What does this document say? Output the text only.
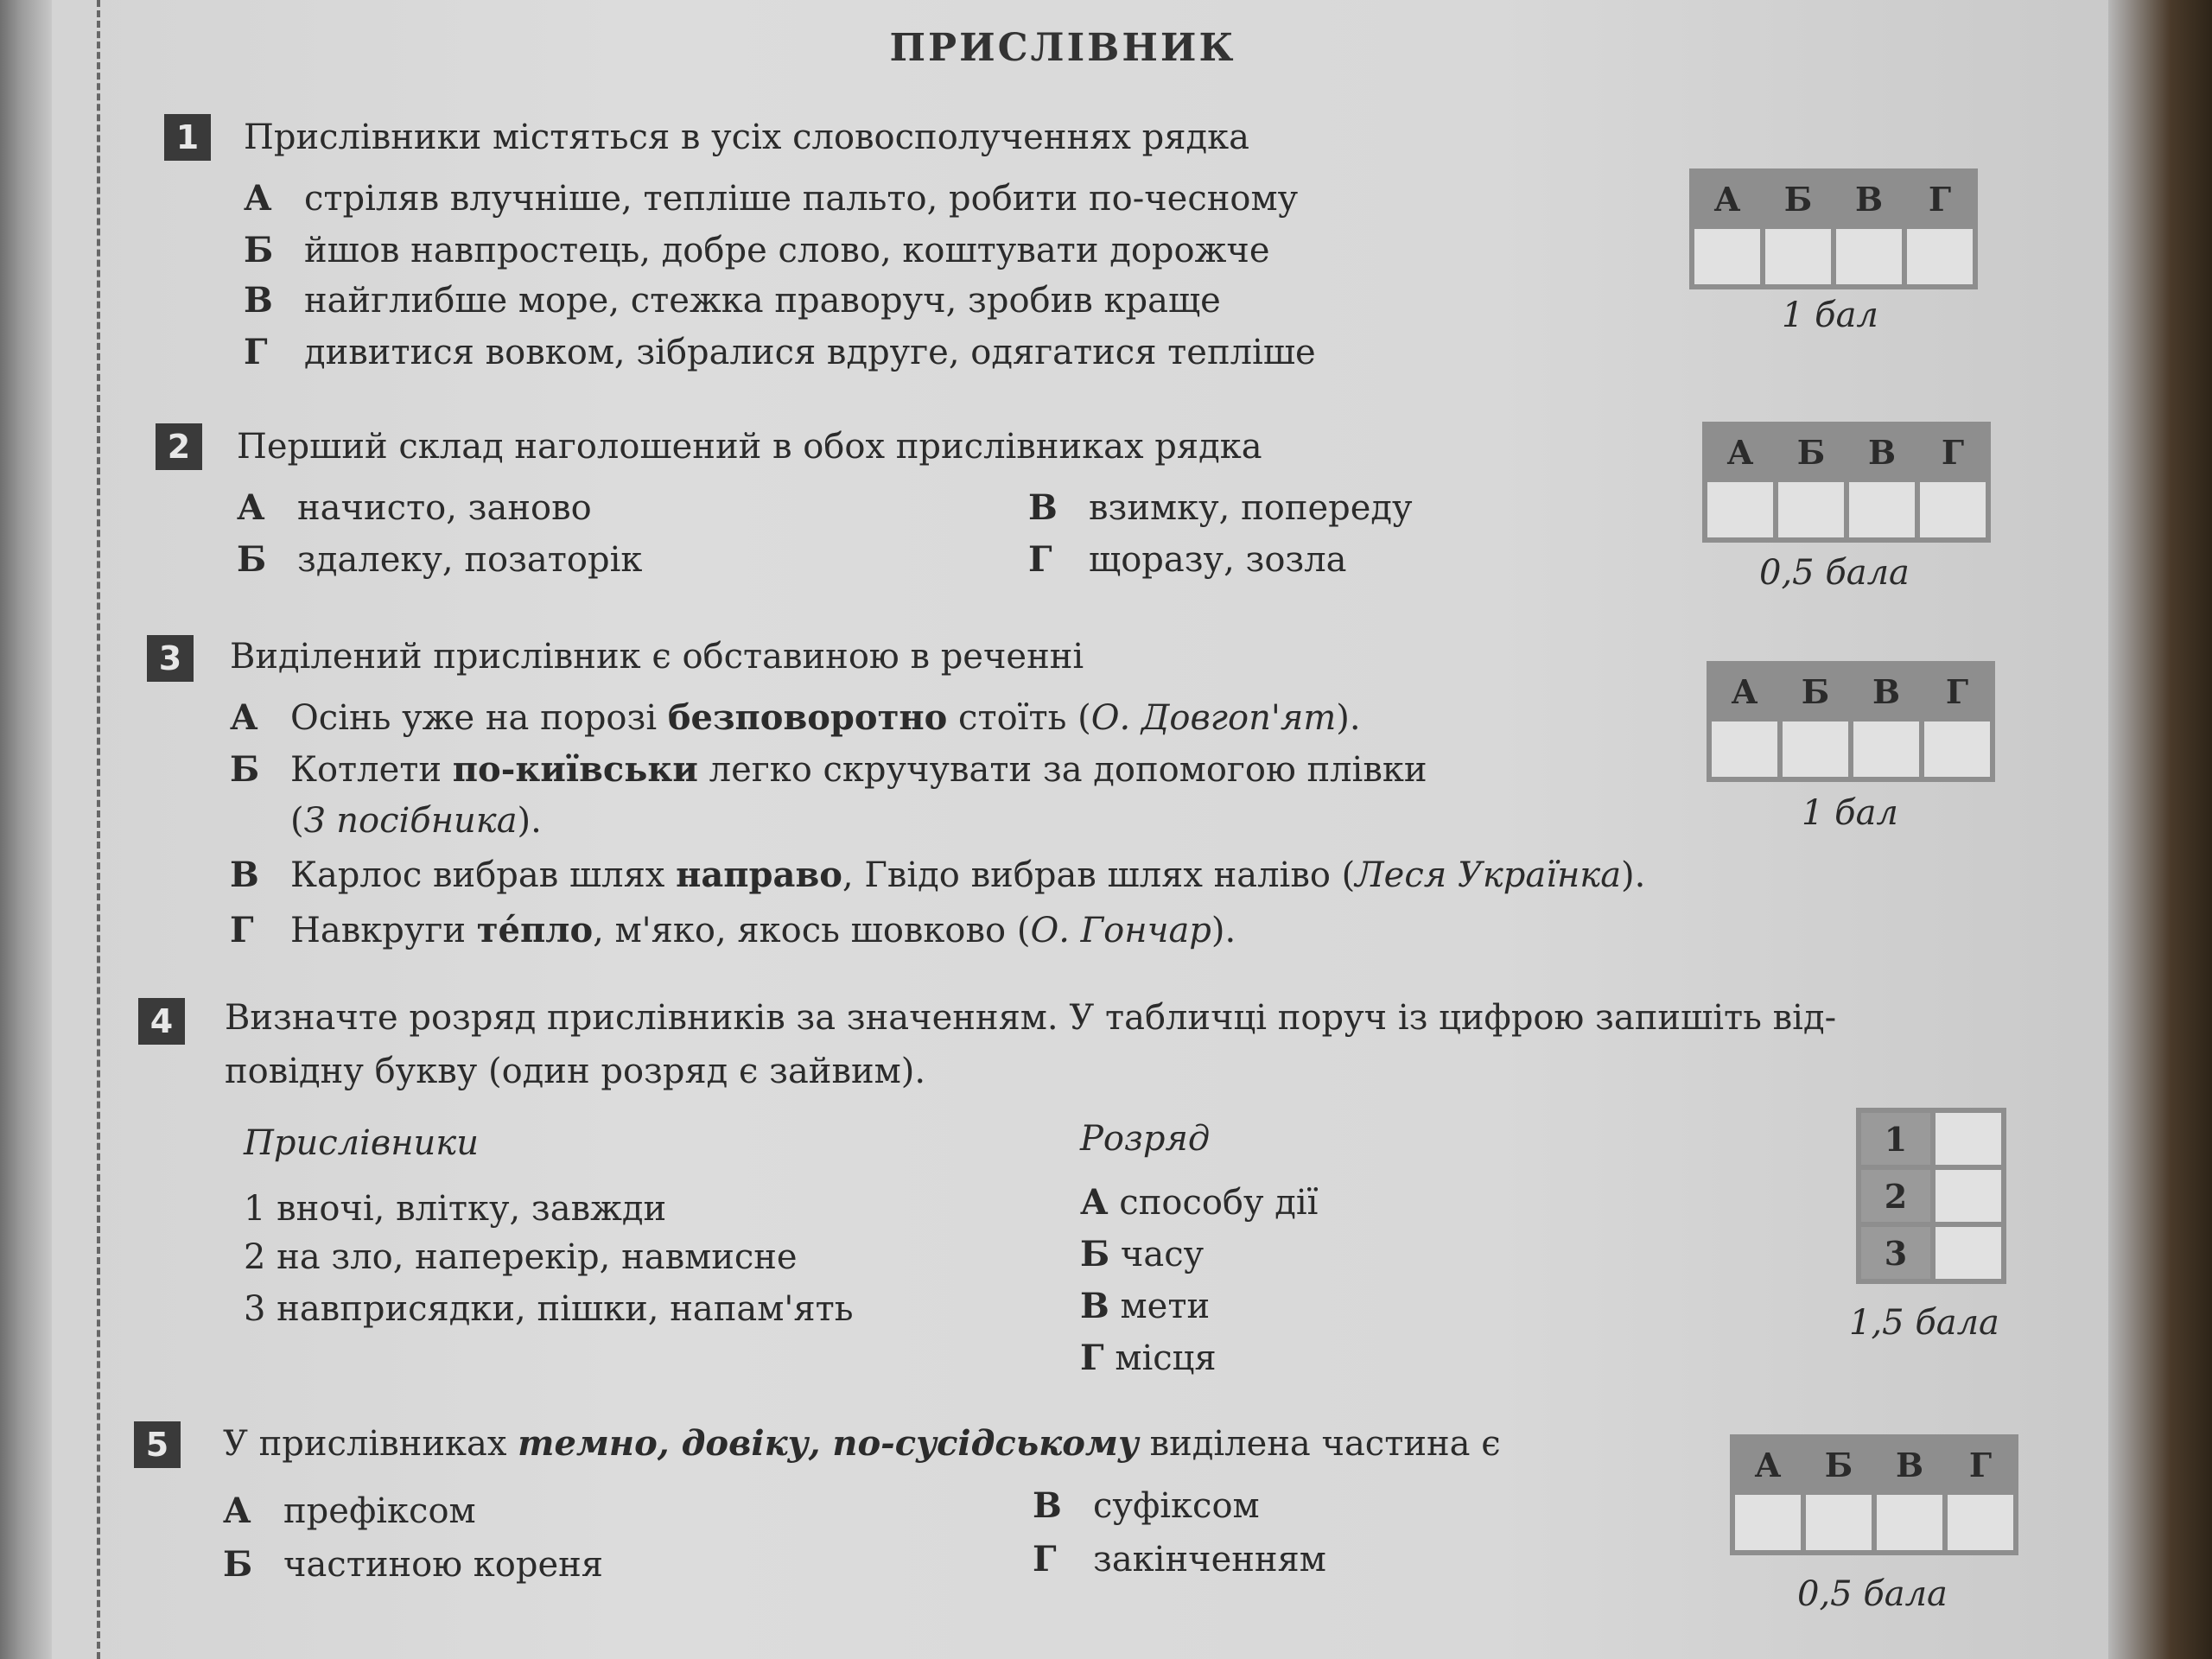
ПРИСЛІВНИК
1	Прислівники містяться в усіх словосполученнях рядка
А стріляв влучніше, тепліше пальто, робити по-чесному
Б йшов навпростець, добре слово, коштувати дорожче
В найглибше море, стежка праворуч, зробив краще
Г дивитися вовком, зібралися вдруге, одягатися тепліше
А	Б	В	Г
1 бал
2	Перший склад наголошений в обох прислівниках рядка
А начисто, заново
Б здалеку, позаторік
В взимку, попереду
Г щоразу, зозла
А	Б	В	Г
0,5 бала
3	Виділений прислівник є обставиною в реченні
А Осінь уже на порозі безповоротно стоїть (О. Довгоп'ят).
Б Котлети по-київськи легко скручувати за допомогою плівки
(З посібника).
В Карлос вибрав шлях направо, Гвідо вибрав шлях наліво (Леся Українка).
Г Навкруги тéпло, м'яко, якось шовково (О. Гончар).
А	Б	В	Г
1 бал
4	Визначте розряд прислівників за значенням. У табличці поруч із цифрою запишіть від-
повідну букву (один розряд є зайвим).
Прислівники	Розряд
1 вночі, влітку, завжди
2 на зло, наперекір, навмисне
3 навприсядки, пішки, напам'ять
А способу дії
Б часу
В мети
Г місця
1
2
3
1,5 бала
5	У прислівниках темно, довіку, по-сусідському виділена частина є
А префіксом
Б частиною кореня
В суфіксом
Г закінченням
А	Б	В	Г
0,5 бала
